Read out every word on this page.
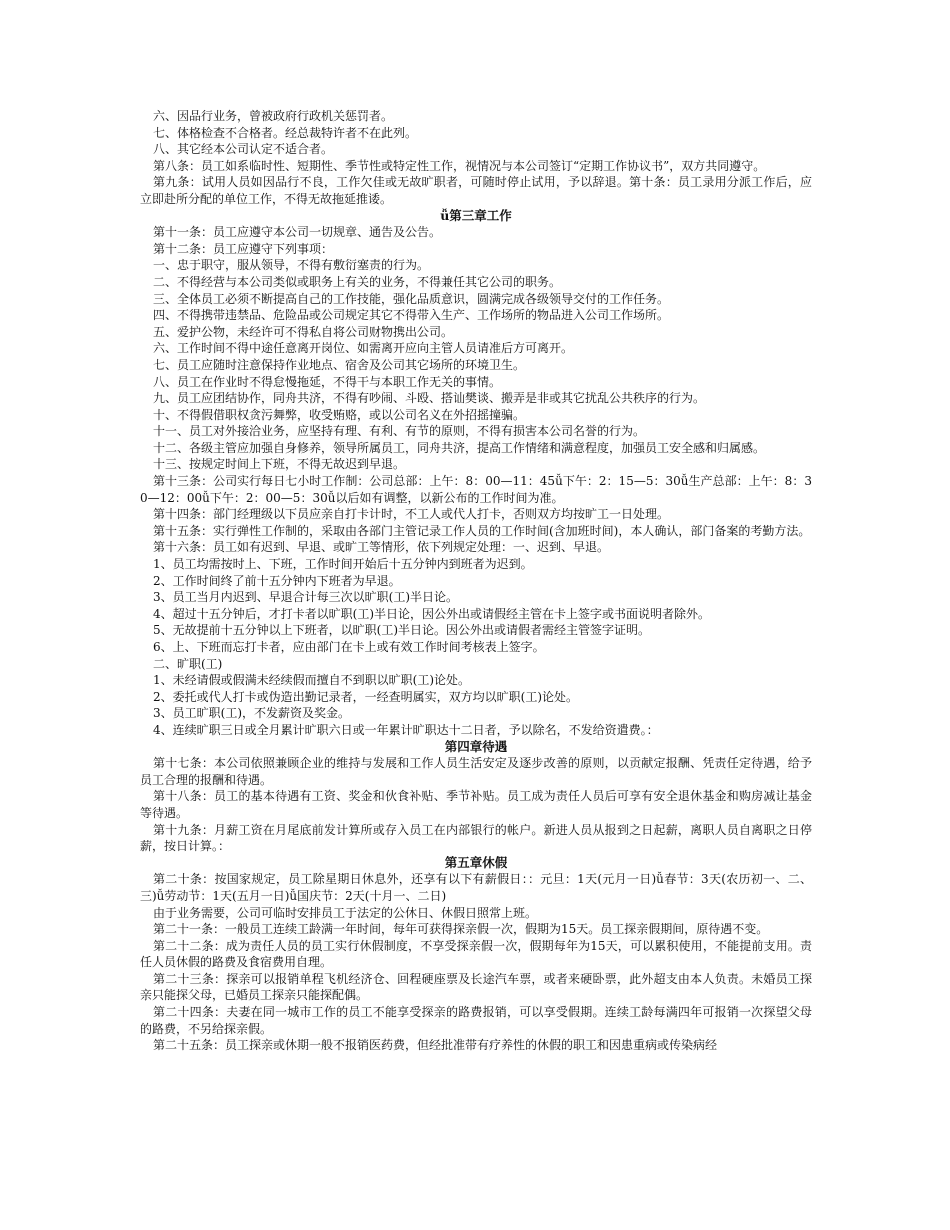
六、因品行业务，曾被政府行政机关惩罚者。

七、体格检查不合格者。经总裁特许者不在此列。

八、其它经本公司认定不适合者。

第八条：员工如系临时性、短期性、季节性或特定性工作，视情况与本公司签订“定期工作协议书”，双方共同遵守。

第九条：试用人员如因品行不良，工作欠佳或无故旷职者，可随时停止试用，予以辞退。第十条：员工录用分派工作后，应立即赴所分配的单位工作，不得无故拖延推诿。

ǚ第三章工作

第十一条：员工应遵守本公司一切规章、通告及公告。

第十二条：员工应遵守下列事项：

一、忠于职守，服从领导，不得有敷衍塞责的行为。

二、不得经营与本公司类似或职务上有关的业务，不得兼任其它公司的职务。

三、全体员工必须不断提高自己的工作技能，强化品质意识，圆满完成各级领导交付的工作任务。

四、不得携带违禁品、危险品或公司规定其它不得带入生产、工作场所的物品进入公司工作场所。

五、爱护公物，未经许可不得私自将公司财物携出公司。

六、工作时间不得中途任意离开岗位、如需离开应向主管人员请准后方可离开。

七、员工应随时注意保持作业地点、宿舍及公司其它场所的环境卫生。

八、员工在作业时不得怠慢拖延，不得干与本职工作无关的事情。

九、员工应团结协作，同舟共济，不得有吵闹、斗殴、搭讪樊谈、搬弄是非或其它扰乱公共秩序的行为。

十、不得假借职权贪污舞弊，收受贿赂，或以公司名义在外招摇撞骗。

十一、员工对外接洽业务，应坚持有理、有利、有节的原则，不得有损害本公司名誉的行为。

十二、各级主管应加强自身修养，领导所属员工，同舟共济，提高工作情绪和满意程度，加强员工安全感和归属感。

十三、按规定时间上下班，不得无故迟到早退。

第十三条：公司实行每日七小时工作制：公司总部：上午：8：00—11：45ǚ下午：2：15—5：30ǚ生产总部：上午：8：30—12：00ǚ下午：2：00—5：30ǚ以后如有调整，以新公布的工作时间为准。

第十四条：部门经理级以下员应亲自打卡计时，不工人或代人打卡，否则双方均按旷工一日处理。

第十五条：实行弹性工作制的，采取由各部门主管记录工作人员的工作时间(含加班时间)，本人确认，部门备案的考勤方法。

第十六条：员工如有迟到、早退、或旷工等情形，依下列规定处理：一、迟到、早退。

1、员工均需按时上、下班，工作时间开始后十五分钟内到班者为迟到。

2、工作时间终了前十五分钟内下班者为早退。

3、员工当月内迟到、早退合计每三次以旷职(工)半日论。

4、超过十五分钟后，才打卡者以旷职(工)半日论，因公外出或请假经主管在卡上签字或书面说明者除外。

5、无故提前十五分钟以上下班者，以旷职(工)半日论。因公外出或请假者需经主管签字证明。

6、上、下班而忘打卡者，应由部门在卡上或有效工作时间考核表上签字。

二、旷职(工)

1、未经请假或假满未经续假而擅自不到职以旷职(工)论处。

2、委托或代人打卡或伪造出勤记录者，一经查明属实，双方均以旷职(工)论处。

3、员工旷职(工)，不发薪资及奖金。

4、连续旷职三日或全月累计旷职六日或一年累计旷职达十二日者，予以除名，不发给资遣费。：

第四章待遇

第十七条：本公司依照兼顾企业的维持与发展和工作人员生活安定及逐步改善的原则，以贡献定报酬、凭责任定待遇，给予员工合理的报酬和待遇。

第十八条：员工的基本待遇有工资、奖金和伙食补贴、季节补贴。员工成为责任人员后可享有安全退休基金和购房减让基金等待遇。

第十九条：月薪工资在月尾底前发计算所或存入员工在内部银行的帐户。新进人员从报到之日起薪，离职人员自离职之日停薪，按日计算。：

第五章休假

第二十条：按国家规定，员工除星期日休息外，还享有以下有薪假日：：元旦：1天(元月一日)ǚ春节：3天(农历初一、二、三)ǚ劳动节：1天(五月一日)ǚ国庆节：2天(十月一、二日)

由于业务需要，公司可临时安排员工于法定的公休日、休假日照常上班。

第二十一条：一般员工连续工龄满一年时间，每年可获得探亲假一次，假期为15天。员工探亲假期间，原待遇不变。

第二十二条：成为责任人员的员工实行休假制度，不享受探亲假一次，假期每年为15天，可以累积使用，不能提前支用。责任人员休假的路费及食宿费用自理。

第二十三条：探亲可以报销单程飞机经济仓、回程硬座票及长途汽车票，或者来硬卧票，此外超支由本人负责。未婚员工探亲只能探父母，已婚员工探亲只能探配偶。

第二十四条：夫妻在同一城市工作的员工不能享受探亲的路费报销，可以享受假期。连续工龄每满四年可报销一次探望父母的路费，不另给探亲假。

第二十五条：员工探亲或休期一般不报销医药费，但经批准带有疗养性的休假的职工和因患重病或传染病经
